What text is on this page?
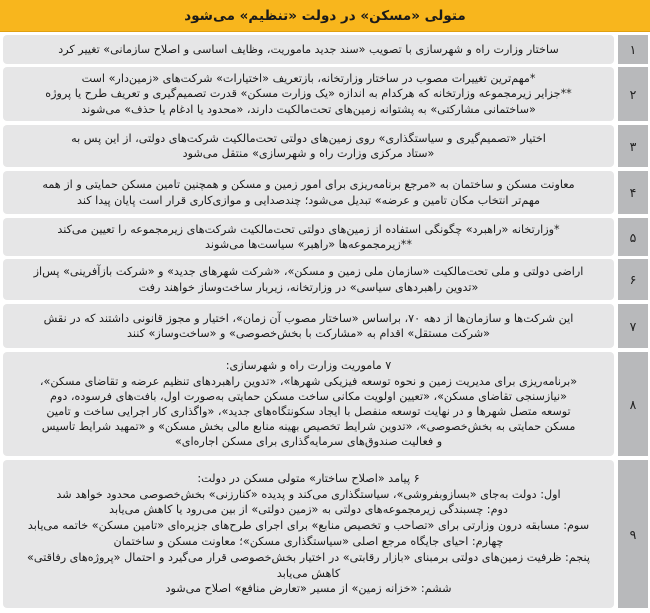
متولی «مسکن» در دولت «تنظیم» می‌شود
۱
ساختار وزارت راه و شهرسازی با تصویب «سند جدید ماموریت، وظایف اساسی و اصلاح سازمانی» تغییر کرد
۲
*مهم‌ترین تغییرات مصوب در ساختار وزارتخانه، بازتعریف «اختیارات» شرکت‌های «زمین‌دار» است
**جزایر زیرمجموعه وزارتخانه که هرکدام به اندازه «یک وزارت مسکن» قدرت تصمیم‌گیری و تعریف طرح یا پروژه
«ساختمانی مشارکتی» به پشتوانه زمین‌های تحت‌مالکیت دارند، «محدود یا ادغام یا حذف» می‌شوند
۳
اختیار «تصمیم‌گیری و سیاستگذاری» روی زمین‌های دولتی تحت‌مالکیت شرکت‌های دولتی، از این پس به
«ستاد مرکزی وزارت راه و شهرسازی» منتقل می‌شود
۴
معاونت مسکن و ساختمان به «مرجع برنامه‌ریزی برای امور زمین و مسکن و همچنین تامین مسکن حمایتی و از همه
مهم‌تر انتخاب مکان تامین و عرضه» تبدیل می‌شود؛ چندصدایی و موازی‌کاری قرار است پایان پیدا کند
۵
*وزارتخانه «راهبرد» چگونگی استفاده از زمین‌های دولتی تحت‌مالکیت شرکت‌های زیرمجموعه را تعیین می‌کند
**زیرمجموعه‌ها «راهبر» سیاست‌ها می‌شوند
۶
اراضی دولتی و ملی تحت‌مالکیت «سازمان ملی زمین و مسکن»، «شرکت شهرهای جدید» و «شرکت بازآفرینی» پس‌از
«تدوین راهبردهای سیاسی» در وزارتخانه، زیربار ساخت‌وساز خواهند رفت
۷
این شرکت‌ها و سازمان‌ها از دهه ۷۰، براساس «ساختار مصوب آن زمان»، اختیار و مجوز قانونی داشتند که در نقش
«شرکت مستقل» اقدام به «مشارکت با بخش‌خصوصی» و «ساخت‌وساز» کنند
۸
۷ ماموریت وزارت راه و شهرسازی:
«برنامه‌ریزی برای مدیریت زمین و نحوه توسعه فیزیکی شهرها»، «تدوین راهبردهای تنظیم عرضه و تقاضای مسکن»،
«نیازسنجی تقاضای مسکن»، «تعیین اولویت مکانی ساخت مسکن حمایتی به‌صورت اول، بافت‌های فرسوده، دوم
توسعه متصل شهرها و در نهایت توسعه منفصل با ایجاد سکونتگاه‌های جدید»، «واگذاری کار اجرایی ساخت و تامین
مسکن حمایتی به بخش‌خصوصی»، «تدوین شرایط تخصیص بهینه منابع مالی بخش مسکن» و «تمهید شرایط تاسیس
و فعالیت صندوق‌های سرمایه‌گذاری برای مسکن اجاره‌ای»
۹
۶ پیامد «اصلاح ساختار» متولی مسکن در دولت:
اول: دولت به‌جای «بسازوبفروشی»، سیاستگذاری می‌کند و پدیده «کنارزنی» بخش‌خصوصی محدود خواهد شد
دوم: چسبندگی زیرمجموعه‌های دولتی به «زمین دولتی» از بین می‌رود یا کاهش می‌یابد
سوم: مسابقه درون وزارتی برای «تصاحب و تخصیص منابع» برای اجرای طرح‌های جزیره‌ای «تامین مسکن» خاتمه می‌یابد
چهارم: احیای جایگاه مرجع اصلی «سیاستگذاری مسکن»؛ معاونت مسکن و ساختمان
پنجم: ظرفیت زمین‌های دولتی برمبنای «بازار رقابتی» در اختیار بخش‌خصوصی قرار می‌گیرد و احتمال «پروژه‌های رفاقتی»
کاهش می‌یابد
ششم: «خزانه زمین» از مسیر «تعارض منافع» اصلاح می‌شود
